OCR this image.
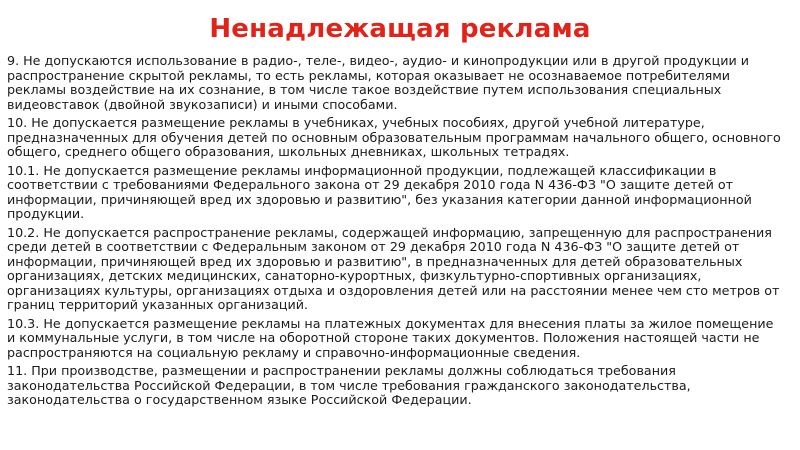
Ненадлежащая реклама

9. Не допускаются использование в радио-, теле-, видео-, аудио- и кинопродукции или в другой продукции и распространение скрытой рекламы, то есть рекламы, которая оказывает не осознаваемое потребителями рекламы воздействие на их сознание, в том числе такое воздействие путем использования специальных видеовставок (двойной звукозаписи) и иными способами.

10. Не допускается размещение рекламы в учебниках, учебных пособиях, другой учебной литературе, предназначенных для обучения детей по основным образовательным программам начального общего, основного общего, среднего общего образования, школьных дневниках, школьных тетрадях.

10.1. Не допускается размещение рекламы информационной продукции, подлежащей классификации в соответствии с требованиями Федерального закона от 29 декабря 2010 года N 436-ФЗ "О защите детей от информации, причиняющей вред их здоровью и развитию", без указания категории данной информационной продукции.

10.2. Не допускается распространение рекламы, содержащей информацию, запрещенную для распространения среди детей в соответствии с Федеральным законом от 29 декабря 2010 года N 436-ФЗ "О защите детей от информации, причиняющей вред их здоровью и развитию", в предназначенных для детей образовательных организациях, детских медицинских, санаторно-курортных, физкультурно-спортивных организациях, организациях культуры, организациях отдыха и оздоровления детей или на расстоянии менее чем сто метров от границ территорий указанных организаций.

10.3. Не допускается размещение рекламы на платежных документах для внесения платы за жилое помещение и коммунальные услуги, в том числе на оборотной стороне таких документов. Положения настоящей части не распространяются на социальную рекламу и справочно-информационные сведения.

11. При производстве, размещении и распространении рекламы должны соблюдаться требования законодательства Российской Федерации, в том числе требования гражданского законодательства, законодательства о государственном языке Российской Федерации.
